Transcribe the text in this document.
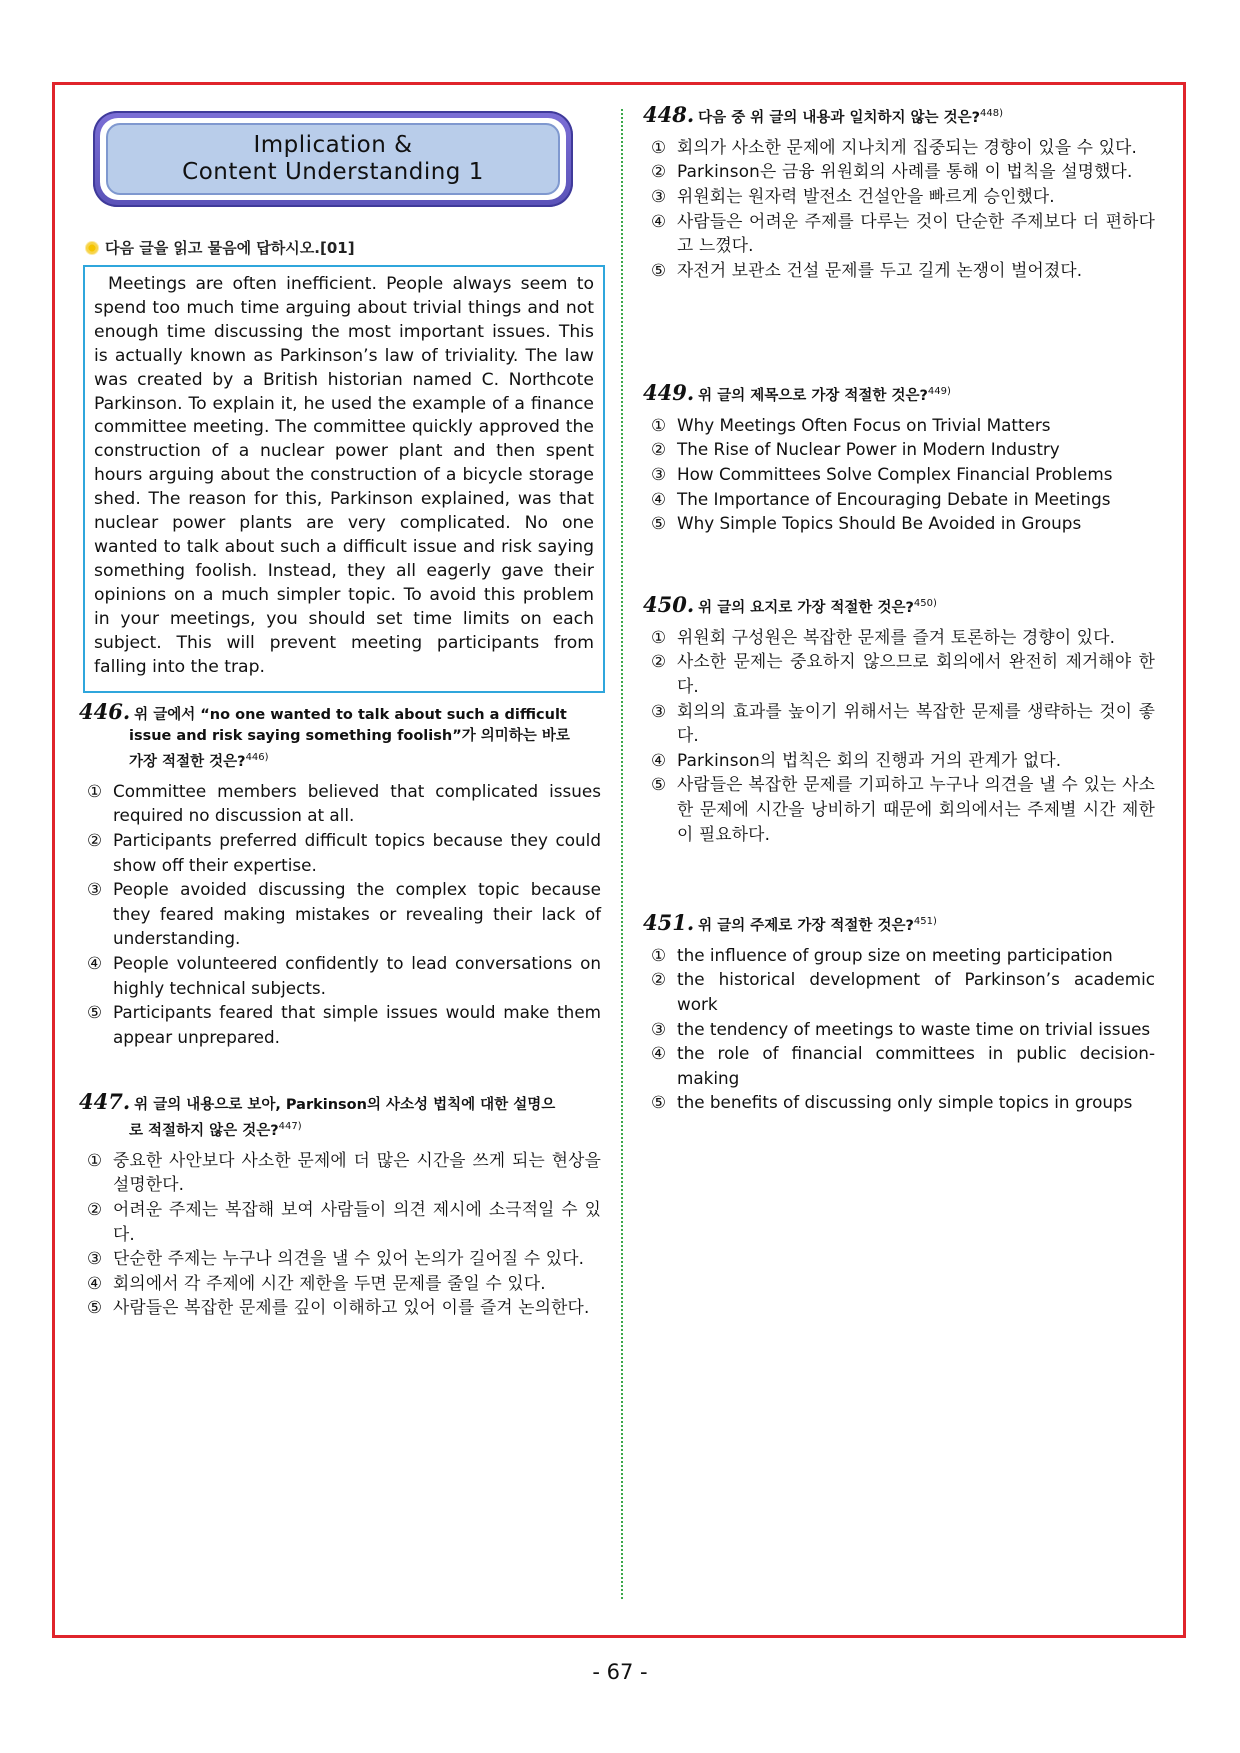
Implication &
Content Understanding 1
다음 글을 읽고 물음에 답하시오.[01]
Meetings are often inefficient. People always seem to spend too much time arguing about trivial things and not enough time discussing the most important issues. This is actually known as Parkinson’s law of triviality. The law was created by a British historian named C. Northcote Parkinson. To explain it, he used the example of a finance committee meeting. The committee quickly approved the construction of a nuclear power plant and then spent hours arguing about the construction of a bicycle storage shed. The reason for this, Parkinson explained, was that nuclear power plants are very complicated. No one wanted to talk about such a difficult issue and risk saying something foolish. Instead, they all eagerly gave their opinions on a much simpler topic. To avoid this problem in your meetings, you should set time limits on each subject. This will prevent meeting participants from falling into the trap.
446. 위 글에서 “no one wanted to talk about such a difficult
issue and risk saying something foolish”가 의미하는 바로
가장 적절한 것은?$^{446)}$
① Committee members believed that complicated issues required no discussion at all.
② Participants preferred difficult topics because they could show off their expertise.
③ People avoided discussing the complex topic because they feared making mistakes or revealing their lack of understanding.
④ People volunteered confidently to lead conversations on highly technical subjects.
⑤ Participants feared that simple issues would make them appear unprepared.
447. 위 글의 내용으로 보아, Parkinson의 사소성 법칙에 대한 설명으
로 적절하지 않은 것은?$^{447)}$
① 중요한 사안보다 사소한 문제에 더 많은 시간을 쓰게 되는 현상을 설명한다.
② 어려운 주제는 복잡해 보여 사람들이 의견 제시에 소극적일 수 있다.
③ 단순한 주제는 누구나 의견을 낼 수 있어 논의가 길어질 수 있다.
④ 회의에서 각 주제에 시간 제한을 두면 문제를 줄일 수 있다.
⑤ 사람들은 복잡한 문제를 깊이 이해하고 있어 이를 즐겨 논의한다.
448. 다음 중 위 글의 내용과 일치하지 않는 것은?$^{448)}$
① 회의가 사소한 문제에 지나치게 집중되는 경향이 있을 수 있다.
② Parkinson은 금융 위원회의 사례를 통해 이 법칙을 설명했다.
③ 위원회는 원자력 발전소 건설안을 빠르게 승인했다.
④ 사람들은 어려운 주제를 다루는 것이 단순한 주제보다 더 편하다고 느꼈다.
⑤ 자전거 보관소 건설 문제를 두고 길게 논쟁이 벌어졌다.
449. 위 글의 제목으로 가장 적절한 것은?$^{449)}$
① Why Meetings Often Focus on Trivial Matters
② The Rise of Nuclear Power in Modern Industry
③ How Committees Solve Complex Financial Problems
④ The Importance of Encouraging Debate in Meetings
⑤ Why Simple Topics Should Be Avoided in Groups
450. 위 글의 요지로 가장 적절한 것은?$^{450)}$
① 위원회 구성원은 복잡한 문제를 즐겨 토론하는 경향이 있다.
② 사소한 문제는 중요하지 않으므로 회의에서 완전히 제거해야 한다.
③ 회의의 효과를 높이기 위해서는 복잡한 문제를 생략하는 것이 좋다.
④ Parkinson의 법칙은 회의 진행과 거의 관계가 없다.
⑤ 사람들은 복잡한 문제를 기피하고 누구나 의견을 낼 수 있는 사소한 문제에 시간을 낭비하기 때문에 회의에서는 주제별 시간 제한이 필요하다.
451. 위 글의 주제로 가장 적절한 것은?$^{451)}$
① the influence of group size on meeting participation
② the historical development of Parkinson’s academic work
③ the tendency of meetings to waste time on trivial issues
④ the role of financial committees in public decision-making
⑤ the benefits of discussing only simple topics in groups
- 67 -
